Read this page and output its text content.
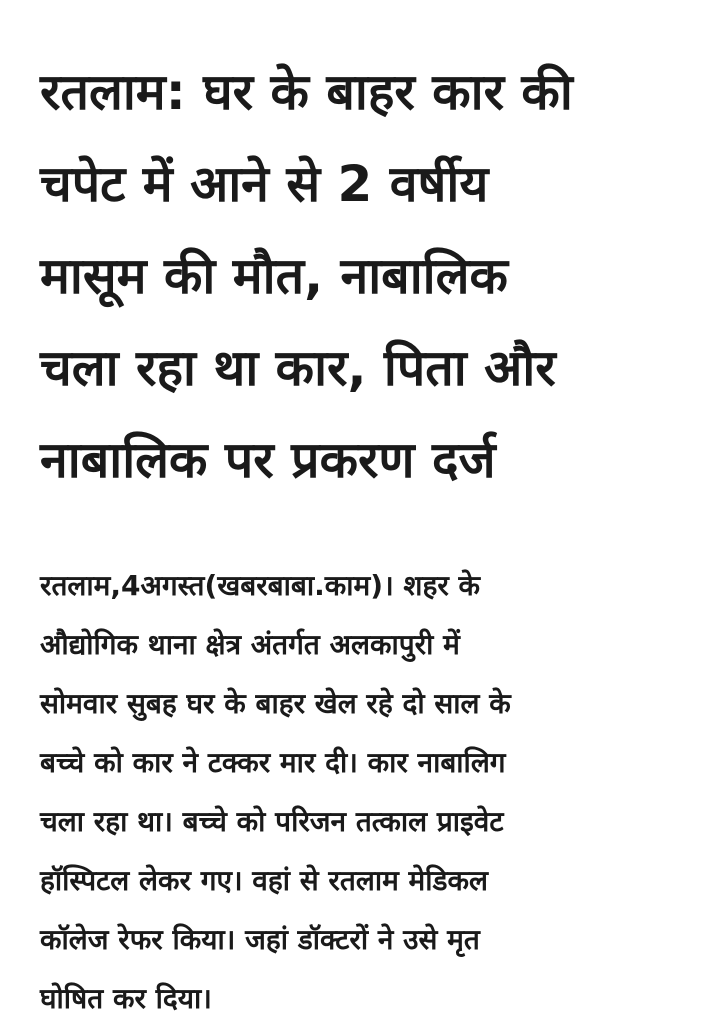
रतलाम: घर के बाहर कार की
चपेट में आने से 2 वर्षीय
मासूम की मौत, नाबालिक
चला रहा था कार, पिता और
नाबालिक पर प्रकरण दर्ज

रतलाम,4अगस्त(खबरबाबा.काम)। शहर के
औद्योगिक थाना क्षेत्र अंतर्गत अलकापुरी में
सोमवार सुबह घर के बाहर खेल रहे दो साल के
बच्चे को कार ने टक्कर मार दी। कार नाबालिग
चला रहा था। बच्चे को परिजन तत्काल प्राइवेट
हॉस्पिटल लेकर गए। वहां से रतलाम मेडिकल
कॉलेज रेफर किया। जहां डॉक्टरों ने उसे मृत
घोषित कर दिया।
